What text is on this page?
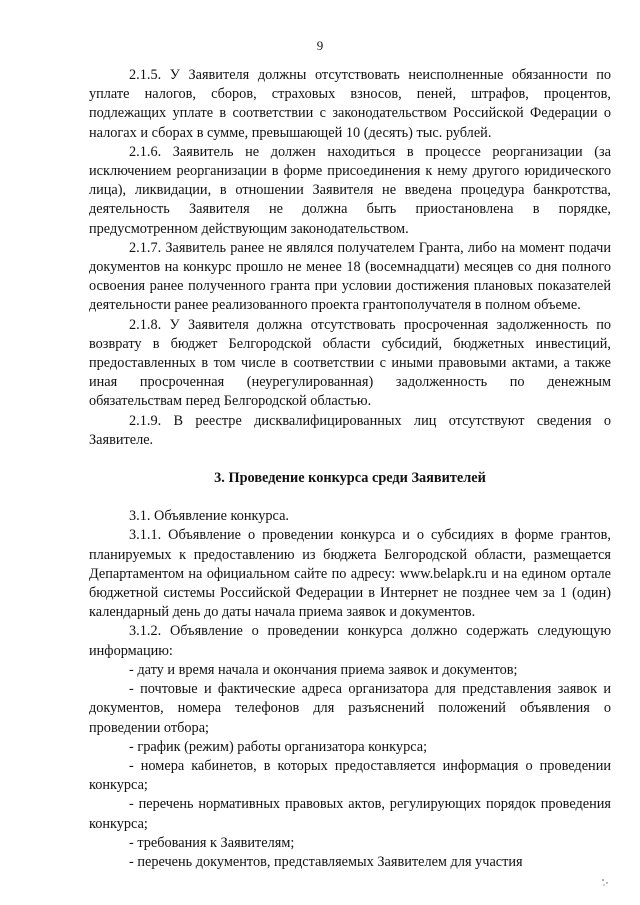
9

2.1.5. У Заявителя должны отсутствовать неисполненные обязанности по уплате налогов, сборов, страховых взносов, пеней, штрафов, процентов, подлежащих уплате в соответствии с законодательством Российской Федерации о налогах и сборах в сумме, превышающей 10 (десять) тыс. рублей.

2.1.6. Заявитель не должен находиться в процессе реорганизации (за исключением реорганизации в форме присоединения к нему другого юридического лица), ликвидации, в отношении Заявителя не введена процедура банкротства, деятельность Заявителя не должна быть приостановлена в порядке, предусмотренном действующим законодательством.

2.1.7. Заявитель ранее не являлся получателем Гранта, либо на момент подачи документов на конкурс прошло не менее 18 (восемнадцати) месяцев со дня полного освоения ранее полученного гранта при условии достижения плановых показателей деятельности ранее реализованного проекта грантополучателя в полном объеме.

2.1.8. У Заявителя должна отсутствовать просроченная задолженность по возврату в бюджет Белгородской области субсидий, бюджетных инвестиций, предоставленных в том числе в соответствии с иными правовыми актами, а также иная просроченная (неурегулированная) задолженность по денежным обязательствам перед Белгородской областью.

2.1.9. В реестре дисквалифицированных лиц отсутствуют сведения о Заявителе.

3. Проведение конкурса среди Заявителей

3.1. Объявление конкурса.

3.1.1. Объявление о проведении конкурса и о субсидиях в форме грантов, планируемых к предоставлению из бюджета Белгородской области, размещается Департаментом на официальном сайте по адресу: www.belapk.ru и на едином ортале бюджетной системы Российской Федерации в Интернет не позднее чем за 1 (один) календарный день до даты начала приема заявок и документов.

3.1.2. Объявление о проведении конкурса должно содержать следующую информацию:

- дату и время начала и окончания приема заявок и документов;

- почтовые и фактические адреса организатора для представления заявок и документов, номера телефонов для разъяснений положений объявления о проведении отбора;

- график (режим) работы организатора конкурса;

- номера кабинетов, в которых предоставляется информация о проведении конкурса;

- перечень нормативных правовых актов, регулирующих порядок проведения конкурса;

- требования к Заявителям;

- перечень документов, представляемых Заявителем для участия
